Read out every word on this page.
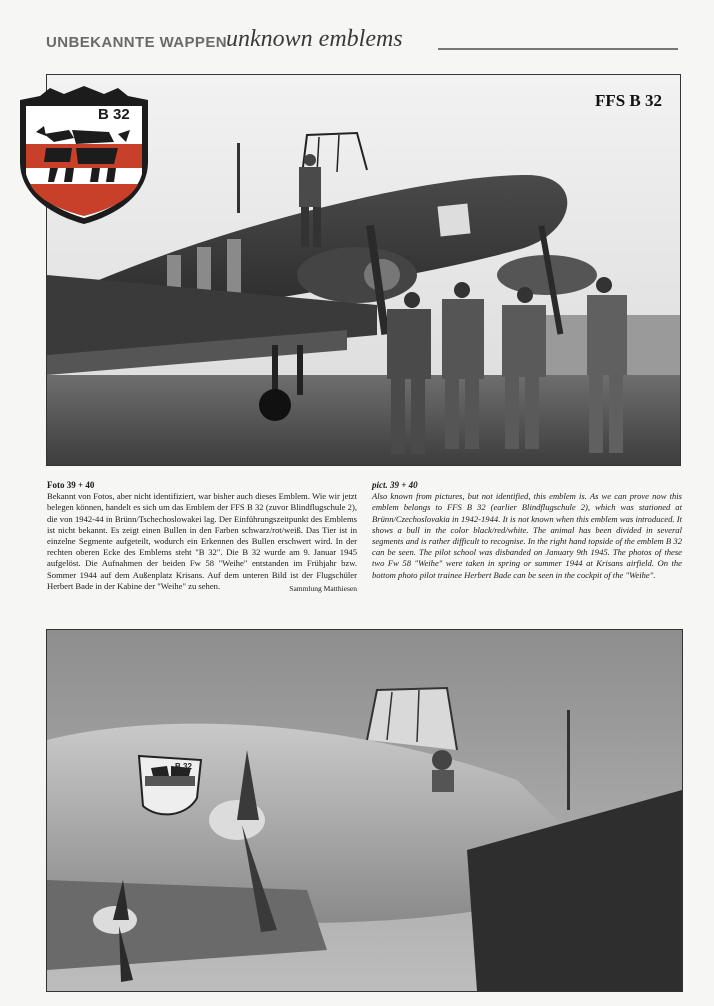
UNBEKANNTE WAPPEN unknown emblems
FFS B 32
B 32
Foto 39 + 40
Bekannt von Fotos, aber nicht identifiziert, war bisher auch dieses Emblem. Wie wir jetzt belegen können, handelt es sich um das Emblem der FFS B 32 (zuvor Blindflugschule 2), die von 1942-44 in Brünn/Tschechoslowakei lag. Der Einführungszeitpunkt des Emblems ist nicht bekannt. Es zeigt einen Bullen in den Farben schwarz/rot/weiß. Das Tier ist in einzelne Segmente aufgeteilt, wodurch ein Erkennen des Bullen erschwert wird. In der rechten oberen Ecke des Emblems steht "B 32". Die B 32 wurde am 9. Januar 1945 aufgelöst. Die Aufnahmen der beiden Fw 58 "Weihe" entstanden im Frühjahr bzw. Sommer 1944 auf dem Außenplatz Krisans. Auf dem unteren Bild ist der Flugschüler Herbert Bade in der Kabine der "Weihe" zu sehen.	Sammlung Matthiesen
pict. 39 + 40
Also known from pictures, but not identified, this emblem is. As we can prove now this emblem belongs to FFS B 32 (earlier Blindflugschule 2), which was stationed at Brünn/Czechoslovakia in 1942-1944. It is not known when this emblem was introduced. It shows a bull in the color black/red/white. The animal has been divided in several segments and is rather difficult to recognise. In the right hand topside of the emblem B 32 can be seen. The pilot school was disbanded on January 9th 1945. The photos of these two Fw 58 "Weihe" were taken in spring or summer 1944 at Krisans airfield. On the bottom photo pilot trainee Herbert Bade can be seen in the cockpit of the "Weihe".
B 32
